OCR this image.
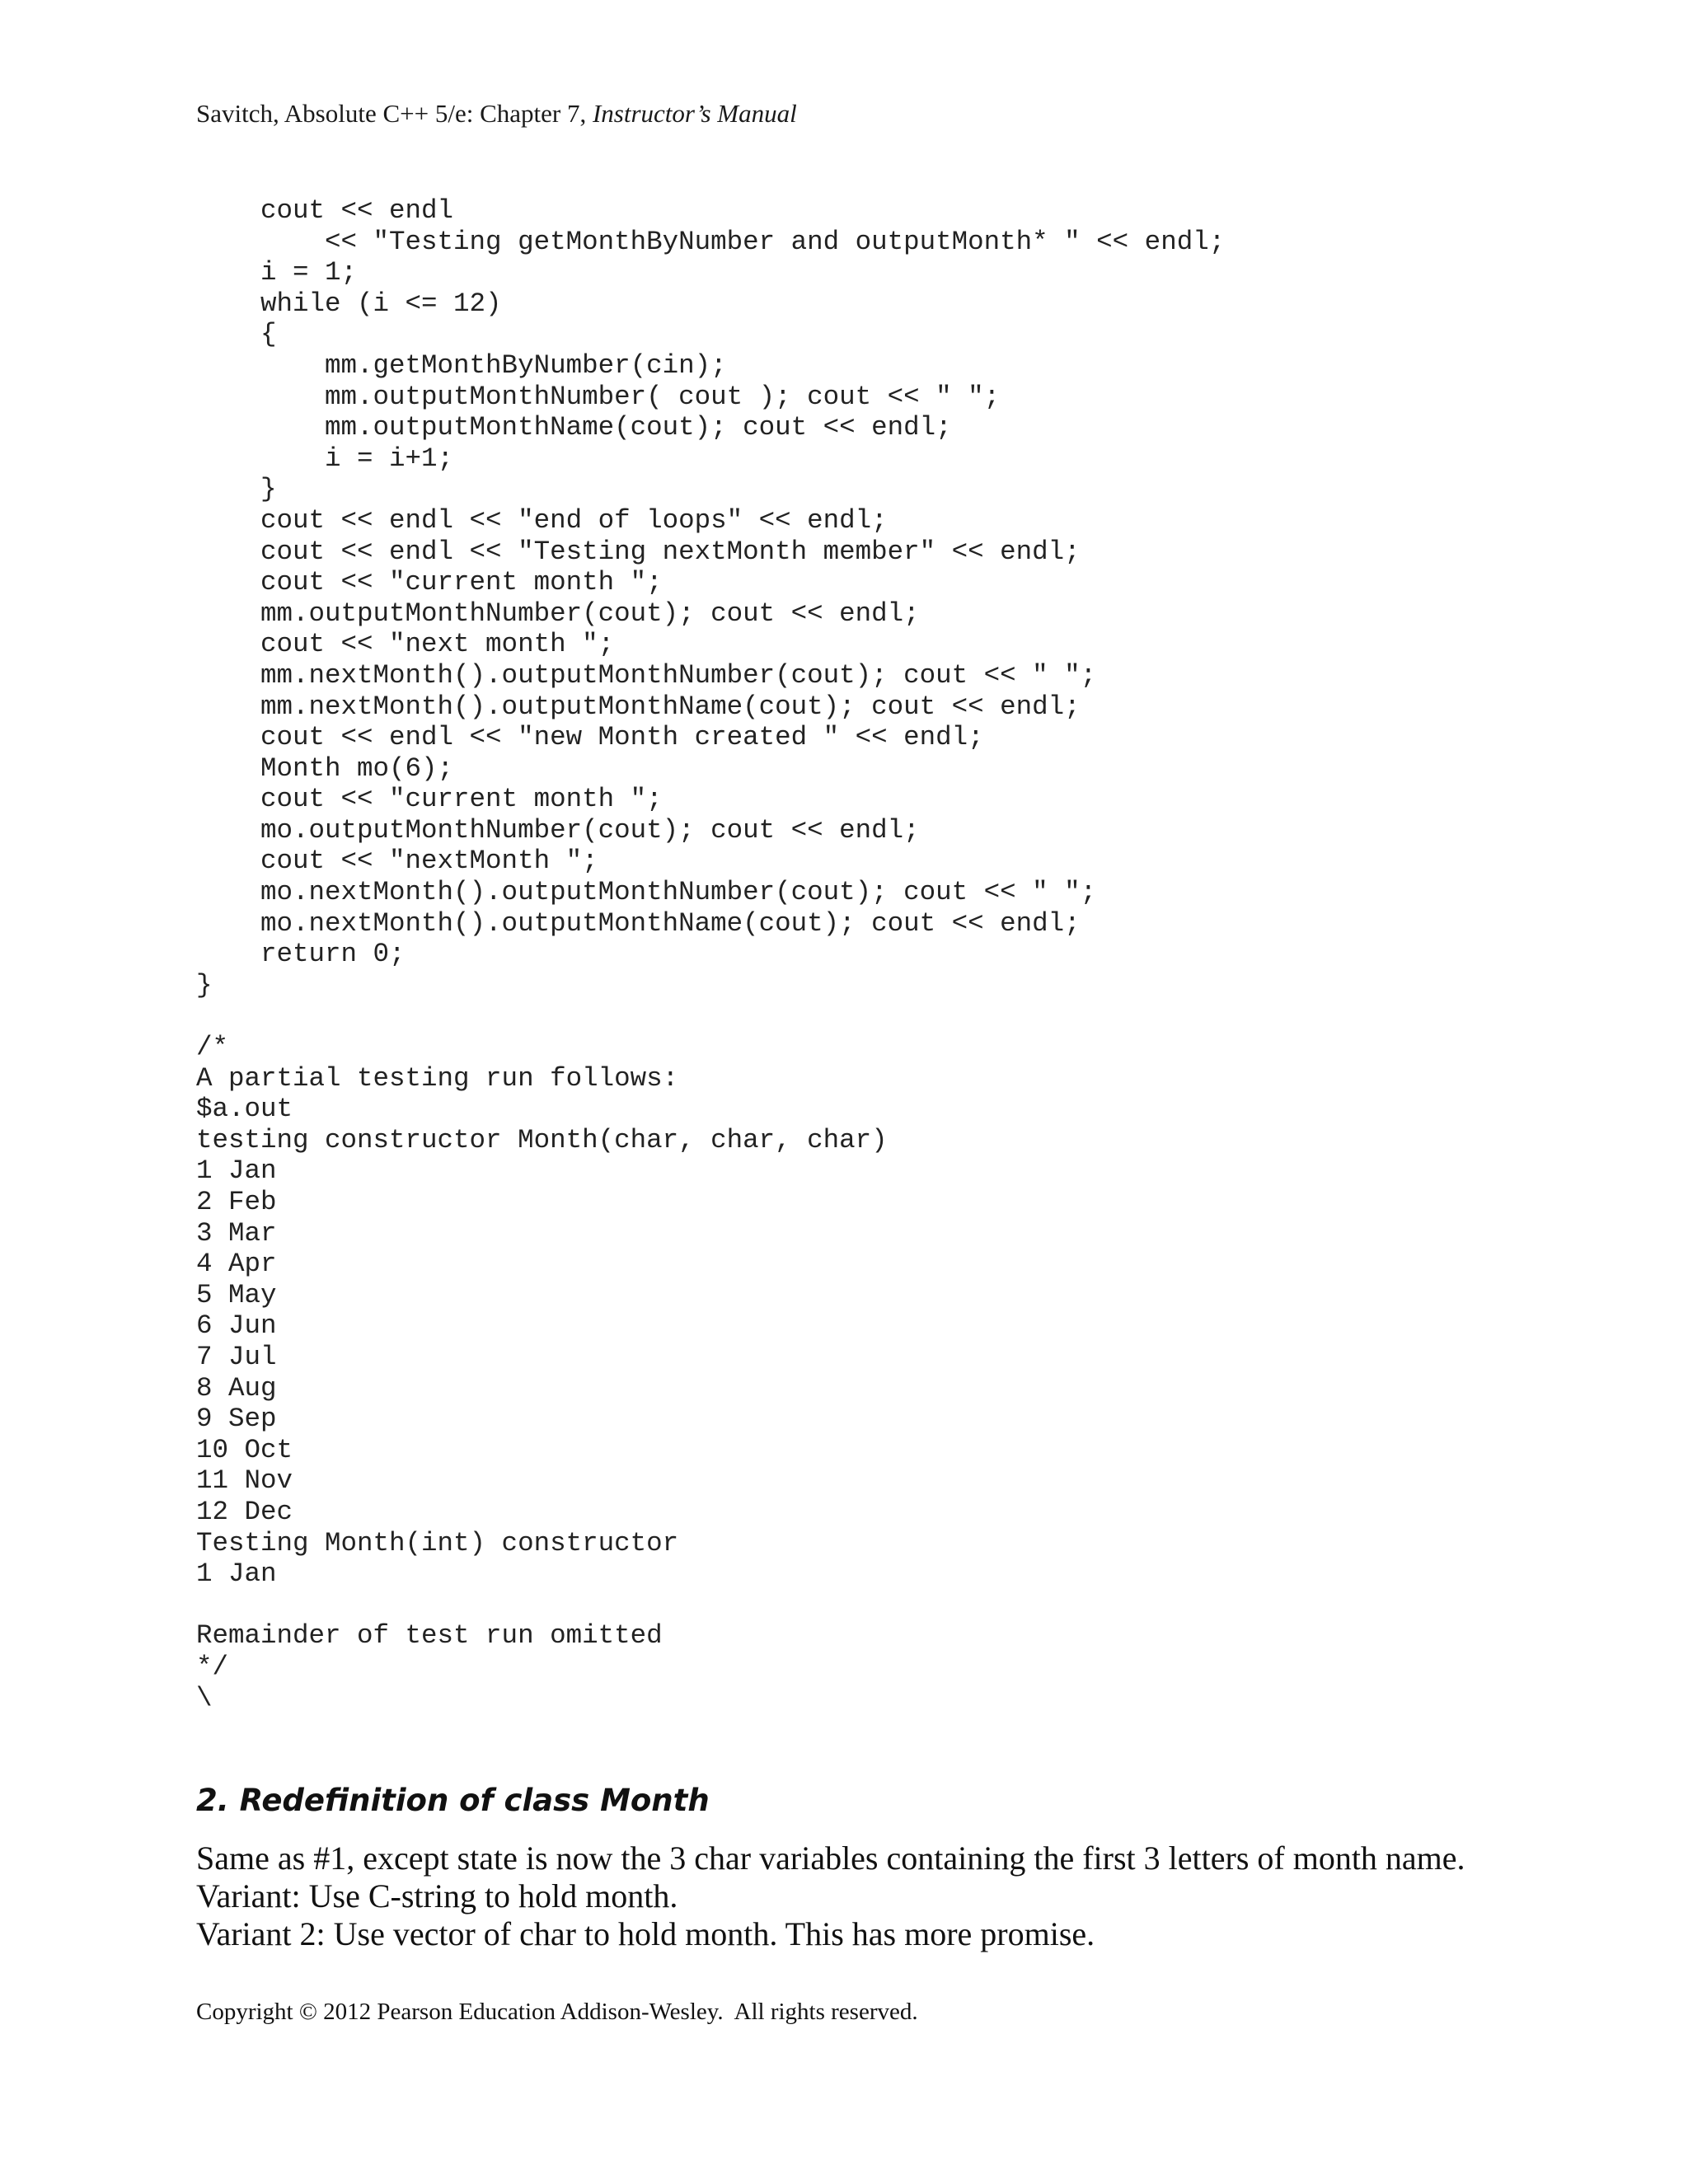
Savitch, Absolute C++ 5/e: Chapter 7, Instructor’s Manual
cout << endl
<< "Testing getMonthByNumber and outputMonth* " << endl;
i = 1;
while (i <= 12)
{
mm.getMonthByNumber(cin);
mm.outputMonthNumber( cout ); cout << " ";
mm.outputMonthName(cout); cout << endl;
i = i+1;
}
cout << endl << "end of loops" << endl;
cout << endl << "Testing nextMonth member" << endl;
cout << "current month ";
mm.outputMonthNumber(cout); cout << endl;
cout << "next month ";
mm.nextMonth().outputMonthNumber(cout); cout << " ";
mm.nextMonth().outputMonthName(cout); cout << endl;
cout << endl << "new Month created " << endl;
Month mo(6);
cout << "current month ";
mo.outputMonthNumber(cout); cout << endl;
cout << "nextMonth ";
mo.nextMonth().outputMonthNumber(cout); cout << " ";
mo.nextMonth().outputMonthName(cout); cout << endl;
return 0;
}

/*
A partial testing run follows:
$a.out
testing constructor Month(char, char, char)
1 Jan
2 Feb
3 Mar
4 Apr
5 May
6 Jun
7 Jul
8 Aug
9 Sep
10 Oct
11 Nov
12 Dec
Testing Month(int) constructor
1 Jan

Remainder of test run omitted
*/
\
2. Redefinition of class Month
Same as #1, except state is now the 3 char variables containing the first 3 letters of month name.
Variant: Use C-string to hold month.
Variant 2: Use vector of char to hold month. This has more promise.
Copyright © 2012 Pearson Education Addison-Wesley.  All rights reserved.
